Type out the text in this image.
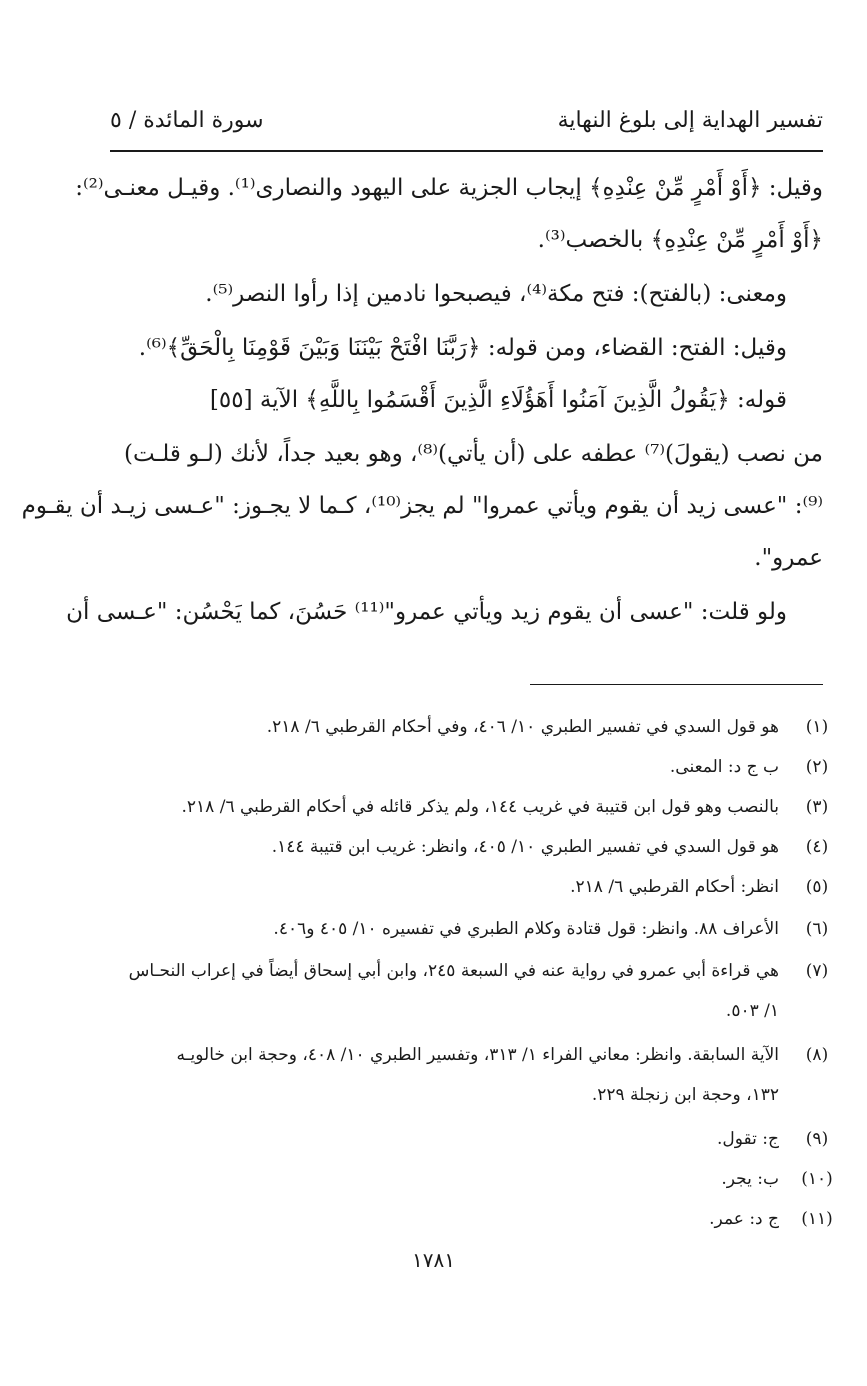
تفسير الهداية إلى بلوغ النهاية
سورة المائدة / ٥
وقيل: ﴿أَوْ أَمْرٍ مِّنْ عِنْدِهِ﴾ إيجاب الجزية على اليهود والنصارى⁽¹⁾. وقيـل معنـى⁽²⁾:
﴿أَوْ أَمْرٍ مِّنْ عِنْدِهِ﴾ بالخصب⁽³⁾.
ومعنى: (بالفتح): فتح مكة⁽⁴⁾، فيصبحوا نادمين إذا رأوا النصر⁽⁵⁾.
وقيل: الفتح: القضاء، ومن قوله: ﴿رَبَّنَا افْتَحْ بَيْنَنَا وَبَيْنَ قَوْمِنَا بِالْحَقِّ﴾⁽⁶⁾.
قوله: ﴿يَقُولُ الَّذِينَ آمَنُوا أَهَؤُلَاءِ الَّذِينَ أَقْسَمُوا بِاللَّهِ﴾ الآية [٥٥]
من نصب (يقولَ)⁽⁷⁾ عطفه على (أن يأتي)⁽⁸⁾، وهو بعيد جداً، لأنك (لـو قلـت)
⁽⁹⁾: "عسى زيد أن يقوم ويأتي عمروا" لم يجز⁽¹⁰⁾، كـما لا يجـوز: "عـسى زيـد أن يقـوم
عمرو".
ولو قلت: "عسى أن يقوم زيد ويأتي عمرو"⁽¹¹⁾ حَسُنَ، كما يَحْسُن: "عـسى أن
(١)
هو قول السدي في تفسير الطبري ١٠/ ٤٠٦، وفي أحكام القرطبي ٦/ ٢١٨.
(٢)
ب ج د: المعنى.
(٣)
بالنصب وهو قول ابن قتيبة في غريب ١٤٤، ولم يذكر قائله في أحكام القرطبي ٦/ ٢١٨.
(٤)
هو قول السدي في تفسير الطبري ١٠/ ٤٠٥، وانظر: غريب ابن قتيبة ١٤٤.
(٥)
انظر: أحكام القرطبي ٦/ ٢١٨.
(٦)
الأعراف ٨٨. وانظر: قول قتادة وكلام الطبري في تفسيره ١٠/ ٤٠٥ و٤٠٦.
(٧)
هي قراءة أبي عمرو في رواية عنه في السبعة ٢٤٥، وابن أبي إسحاق أيضاً في إعراب النحـاس
١/ ٥٠٣.
(٨)
الآية السابقة. وانظر: معاني الفراء ١/ ٣١٣، وتفسير الطبري ١٠/ ٤٠٨، وحجة ابن خالويـه
١٣٢، وحجة ابن زنجلة ٢٢٩.
(٩)
ج: تقول.
(١٠)
ب: يجر.
(١١)
ج د: عمر.
١٧٨١
